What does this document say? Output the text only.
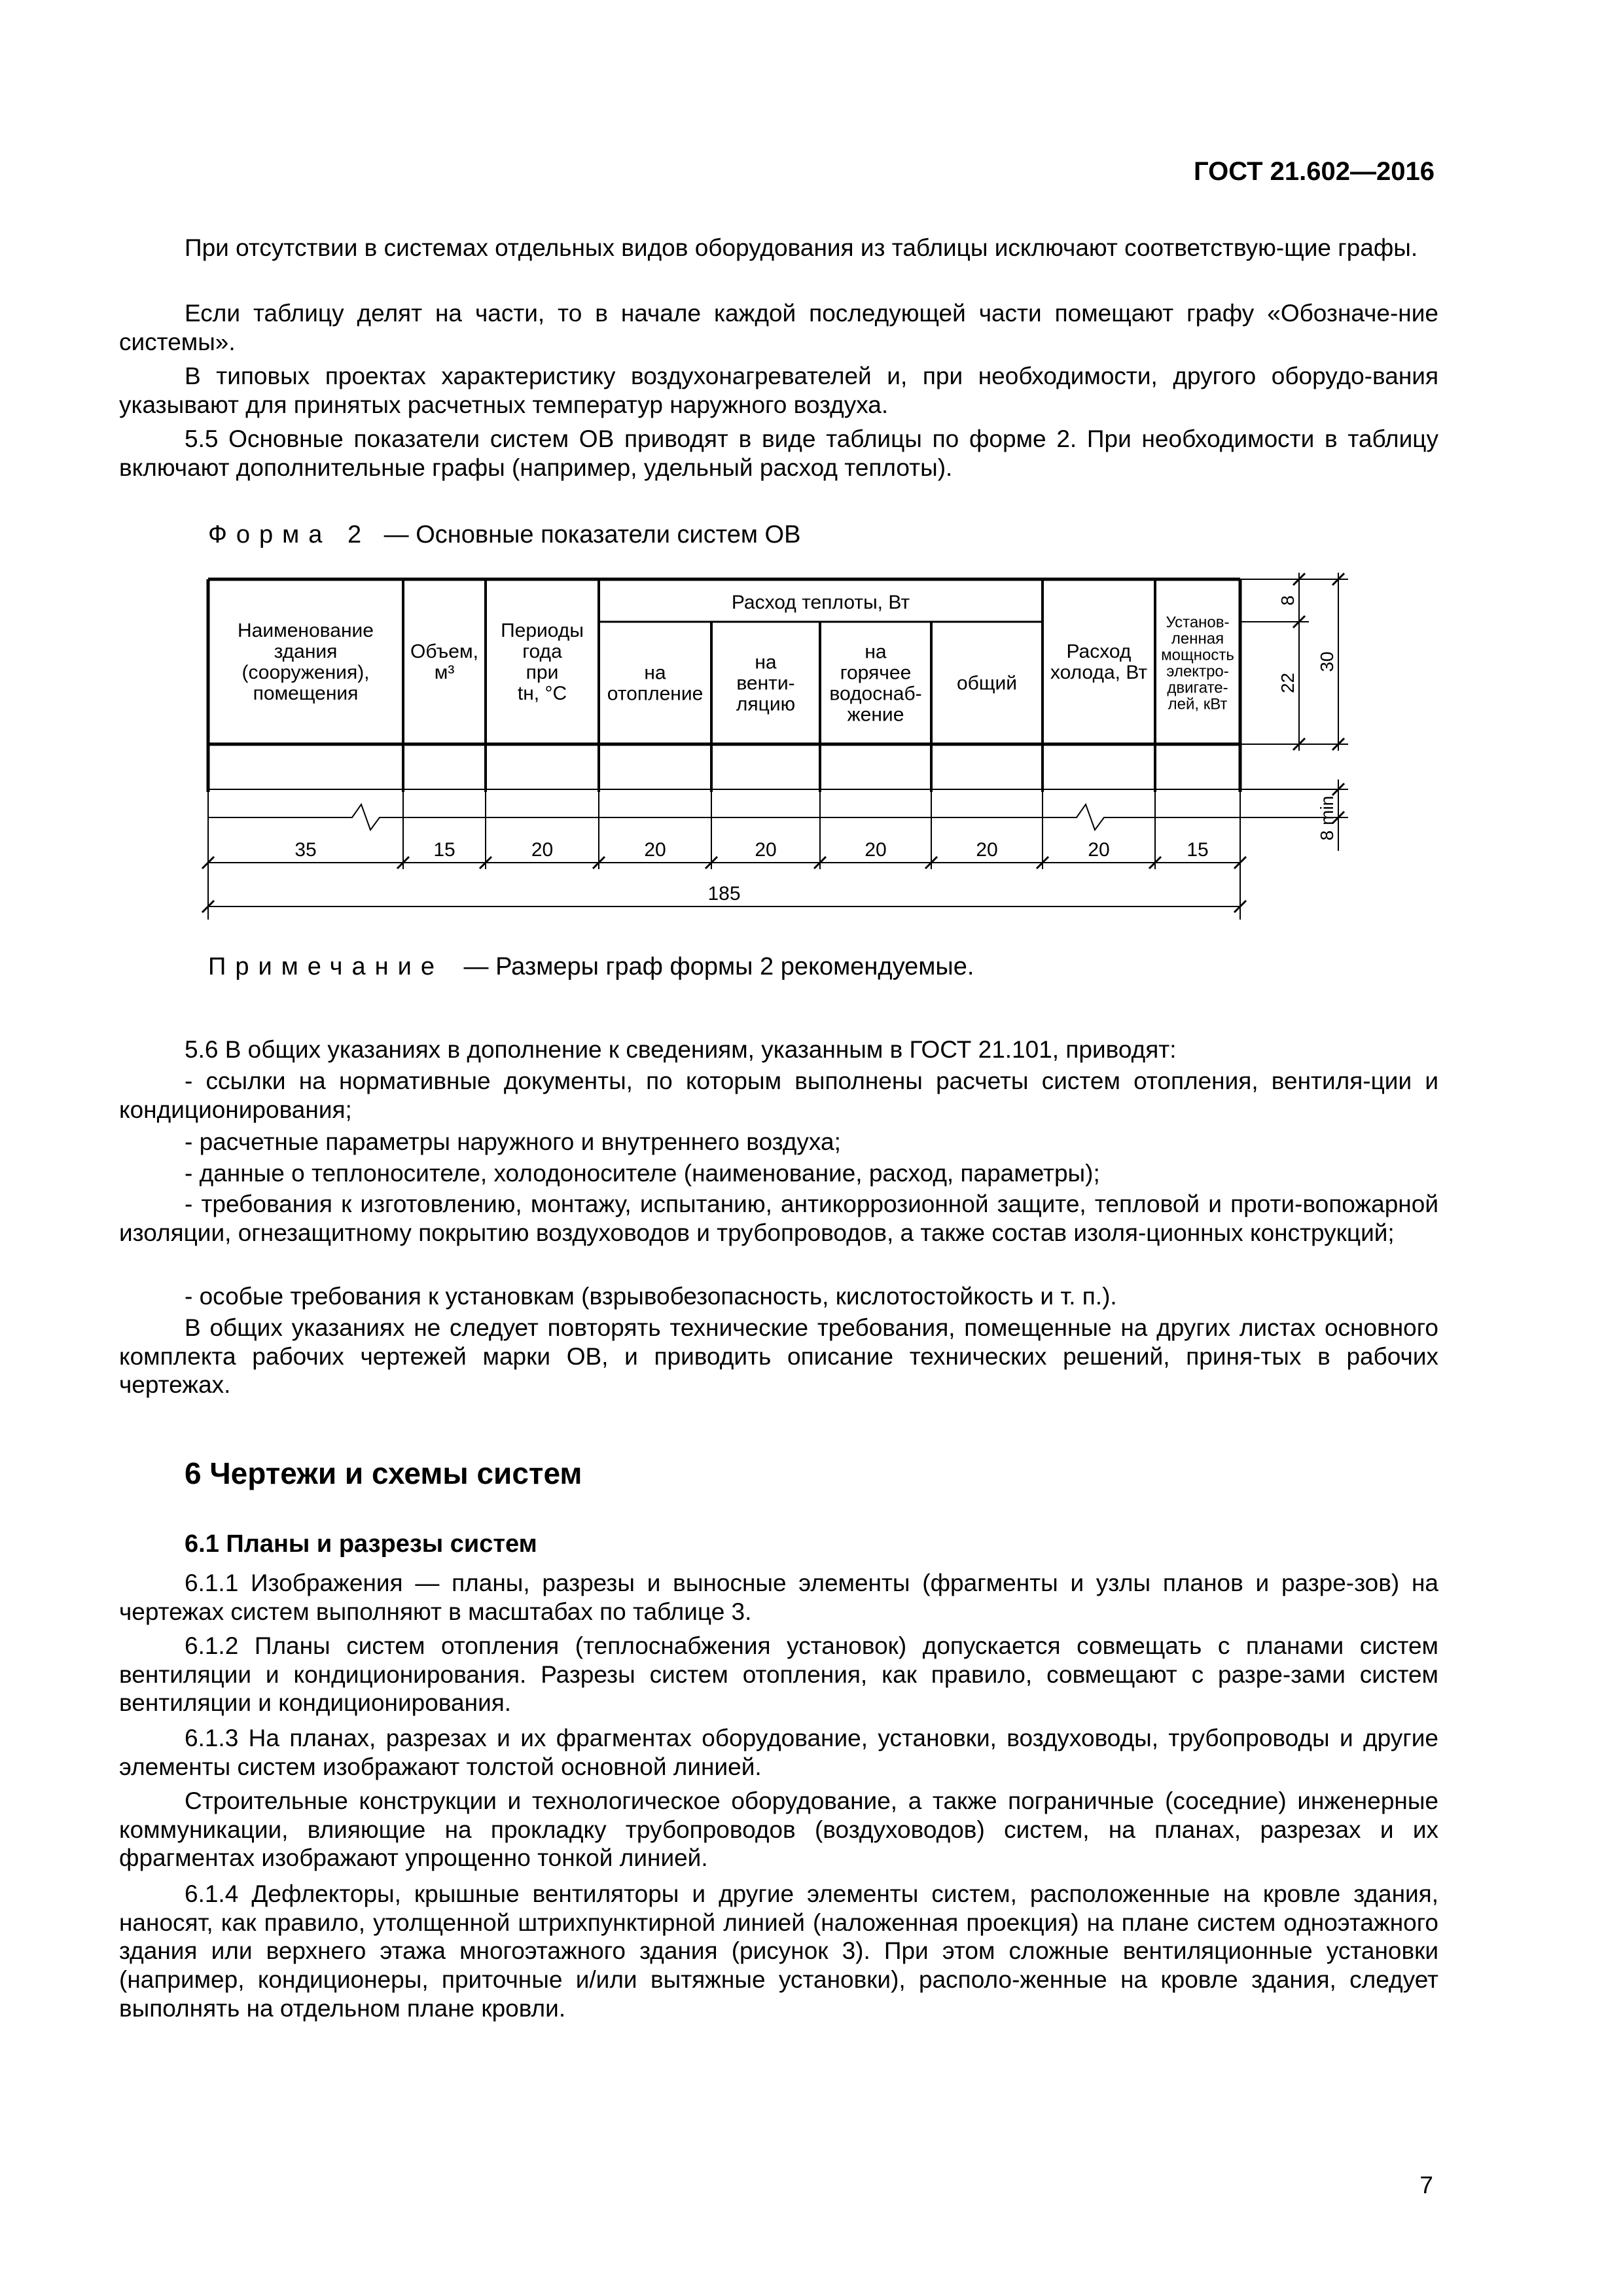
ГОСТ 21.602—2016
При отсутствии в системах отдельных видов оборудования из таблицы исключают соответствую-щие графы.
Если таблицу делят на части, то в начале каждой последующей части помещают графу «Обозначе-ние системы».
В типовых проектах характеристику воздухонагревателей и, при необходимости, другого оборудо-вания указывают для принятых расчетных температур наружного воздуха.
5.5 Основные показатели систем ОВ приводят в виде таблицы по форме 2. При необходимости в таблицу включают дополнительные графы (например, удельный расход теплоты).
Форма 2 — Основные показатели систем ОВ
Наименование
здания
(сооружения),
помещения
35
Объем,
м³
15
Периоды
года
при
tн, °C
20
на
отопление
20
на
венти-
ляцию
20
на
горячее
водоснаб-
жение
20
общий
20
Расход
холода, Вт
20
Установ-
ленная
мощность
электро-
двигате-
лей, кВт
15
Расход теплоты, Вт
185
8
22
30
8 min
Примечание — Размеры граф формы 2 рекомендуемые.
5.6 В общих указаниях в дополнение к сведениям, указанным в ГОСТ 21.101, приводят:
- ссылки на нормативные документы, по которым выполнены расчеты систем отопления, вентиля-ции и кондиционирования;
- расчетные параметры наружного и внутреннего воздуха;
- данные о теплоносителе, холодоносителе (наименование, расход, параметры);
- требования к изготовлению, монтажу, испытанию, антикоррозионной защите, тепловой и проти-вопожарной изоляции, огнезащитному покрытию воздуховодов и трубопроводов, а также состав изоля-ционных конструкций;
- особые требования к установкам (взрывобезопасность, кислотостойкость и т. п.).
В общих указаниях не следует повторять технические требования, помещенные на других листах основного комплекта рабочих чертежей марки ОВ, и приводить описание технических решений, приня-тых в рабочих чертежах.
6 Чертежи и схемы систем
6.1 Планы и разрезы систем
6.1.1 Изображения — планы, разрезы и выносные элементы (фрагменты и узлы планов и разре-зов) на чертежах систем выполняют в масштабах по таблице 3.
6.1.2 Планы систем отопления (теплоснабжения установок) допускается совмещать с планами систем вентиляции и кондиционирования. Разрезы систем отопления, как правило, совмещают с разре-зами систем вентиляции и кондиционирования.
6.1.3 На планах, разрезах и их фрагментах оборудование, установки, воздуховоды, трубопроводы и другие элементы систем изображают толстой основной линией.
Строительные конструкции и технологическое оборудование, а также пограничные (соседние) инженерные коммуникации, влияющие на прокладку трубопроводов (воздуховодов) систем, на планах, разрезах и их фрагментах изображают упрощенно тонкой линией.
6.1.4 Дефлекторы, крышные вентиляторы и другие элементы систем, расположенные на кровле здания, наносят, как правило, утолщенной штрихпунктирной линией (наложенная проекция) на плане систем одноэтажного здания или верхнего этажа многоэтажного здания (рисунок 3). При этом сложные вентиляционные установки (например, кондиционеры, приточные и/или вытяжные установки), располо-женные на кровле здания, следует выполнять на отдельном плане кровли.
7
